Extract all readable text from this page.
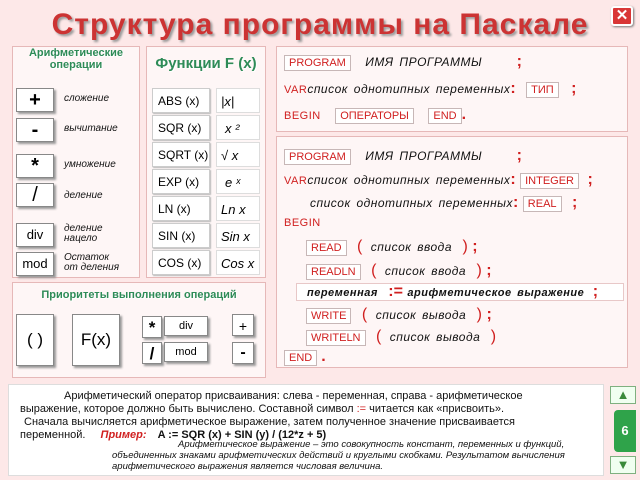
Структура программы на Паскале	✕
Арифметические
операции
+	сложение
-	вычитание
*	умножение
/	деление
div	деление
нацело
mod	Остаток
от деления
Функции F (x)
ABS (x)	|x|
SQR (x)	x ²
SQRT (x) √ x
EXP (x)	e ˣ
LN (x)	Ln x
SIN (x)	Sin x
COS (x)	Cos x
Приоритеты выполнения операций
( )	F(x)
*	div
/	mod
+
-
PROGRAM ИМЯ ПРОГРАММЫ ;
VARсписок однотипных переменных: ТИП ;
BEGIN ОПЕРАТОРЫ END .
PROGRAM ИМЯ ПРОГРАММЫ ;
VARсписок однотипных переменных: INTEGER ;
список однотипных переменных: REAL ;
BEGIN
READ ( список ввода ) ;
READLN ( список ввода ) ;
переменная := арифметическое выражение ;
WRITE ( список вывода ) ;
WRITELN ( список вывода )
END .
Арифметический оператор присваивания: слева - переменная, справа - арифметическое
выражение, которое должно быть вычислено. Составной символ := читается как «присвоить».
Сначала вычисляется арифметическое выражение, затем полученное значение присваивается
переменной. Пример: A := SQR (x) + SIN (y) / (12*z + 5)
Арифметическое выражение – это совокупность констант, переменных и функций,
объединенных знаками арифметических действий и круглыми скобками. Результатом вычисления
арифметического выражения является числовая величина.
▲
6
▼
